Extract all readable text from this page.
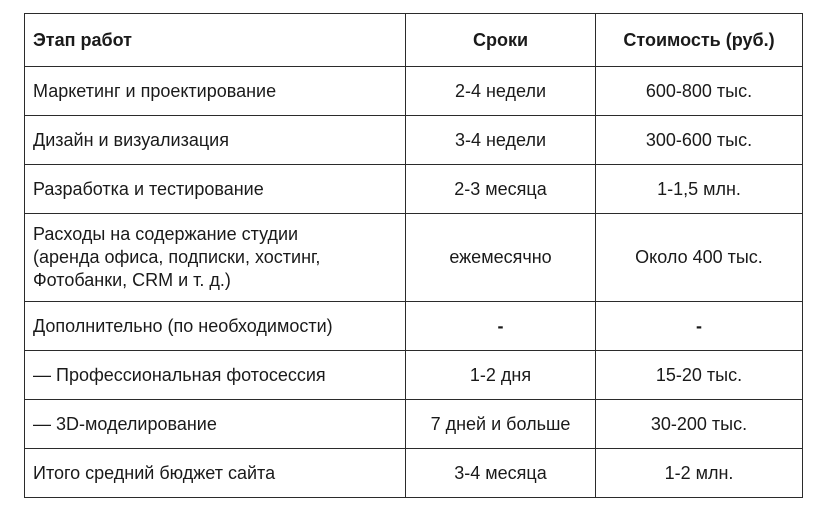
Этап работ	Сроки	Стоимость (руб.)
Маркетинг и проектирование	2-4 недели	600-800 тыс.
Дизайн и визуализация	3-4 недели	300-600 тыс.
Разработка и тестирование	2-3 месяца	1-1,5 млн.

Расходы на содержание студии
(аренда офиса, подписки, хостинг,
Фотобанки, CRM и т. д.)	ежемесячно	Около 400 тыс.
Дополнительно (по необходимости)	-	-
— Профессиональная фотосессия	1-2 дня	15-20 тыс.
— 3D-моделирование	7 дней и больше	30-200 тыс.
Итого средний бюджет сайта	3-4 месяца	1-2 млн.
